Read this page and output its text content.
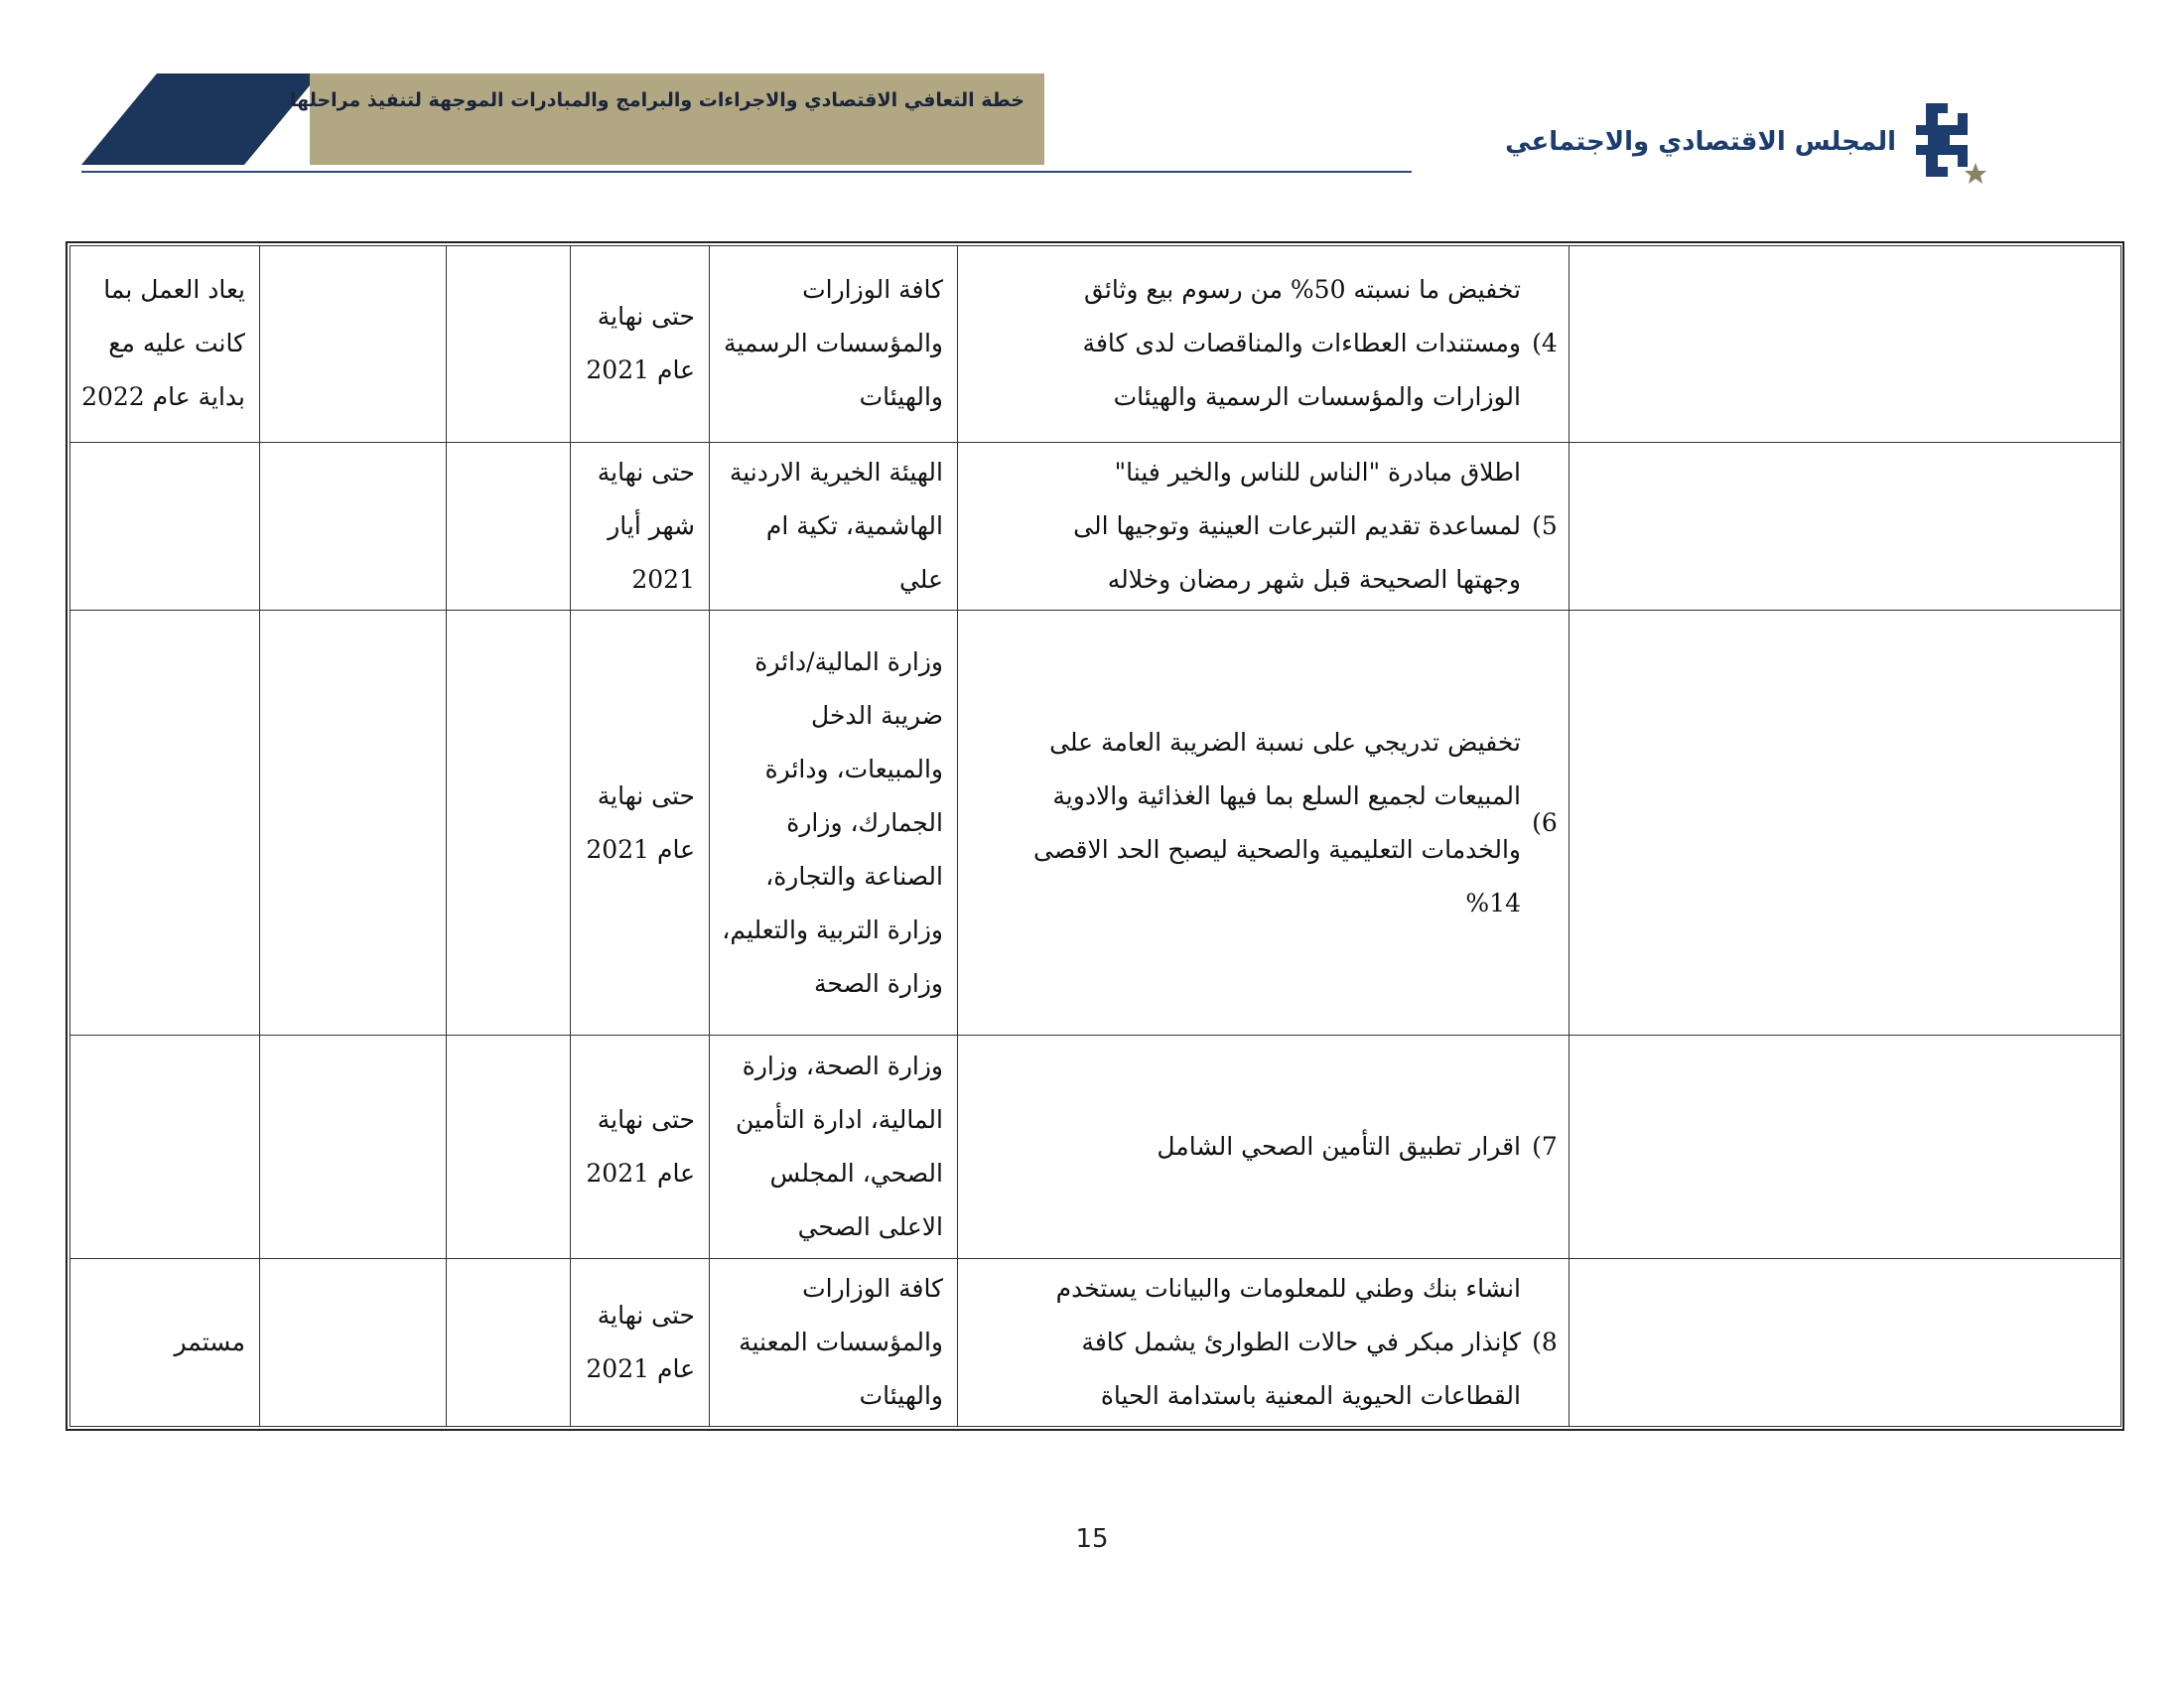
خطة التعافي الاقتصادي والاجراءات والبرامج والمبادرات الموجهة لتنفيذ مراحلها
المجلس الاقتصادي والاجتماعي

	4)
تخفيض ما نسبته 50% من رسوم بيع وثائق ومستندات العطاءات والمناقصات لدى كافة الوزارات والمؤسسات الرسمية والهيئات	كافة الوزارات والمؤسسات الرسمية والهيئات	حتى نهاية عام 2021			يعاد العمل بما كانت عليه مع بداية عام 2022

	5)
اطلاق مبادرة "الناس للناس والخير فينا" لمساعدة تقديم التبرعات العينية وتوجيها الى وجهتها الصحيحة قبل شهر رمضان وخلاله	الهيئة الخيرية الاردنية الهاشمية، تكية ام علي	حتى نهاية شهر أيار 2021			

	6)
تخفيض تدريجي على نسبة الضريبة العامة على المبيعات لجميع السلع بما فيها الغذائية والادوية والخدمات التعليمية والصحية ليصبح الحد الاقصى 14%	وزارة المالية/دائرة ضريبة الدخل والمبيعات، ودائرة الجمارك، وزارة الصناعة والتجارة، وزارة التربية والتعليم، وزارة الصحة	حتى نهاية عام 2021			

	7)
اقرار تطبيق التأمين الصحي الشامل	وزارة الصحة، وزارة المالية، ادارة التأمين الصحي، المجلس الاعلى الصحي	حتى نهاية عام 2021			

	8)
انشاء بنك وطني للمعلومات والبيانات يستخدم كإنذار مبكر في حالات الطوارئ يشمل كافة القطاعات الحيوية المعنية باستدامة الحياة	كافة الوزارات والمؤسسات المعنية والهيئات	حتى نهاية عام 2021			مستمر
15
